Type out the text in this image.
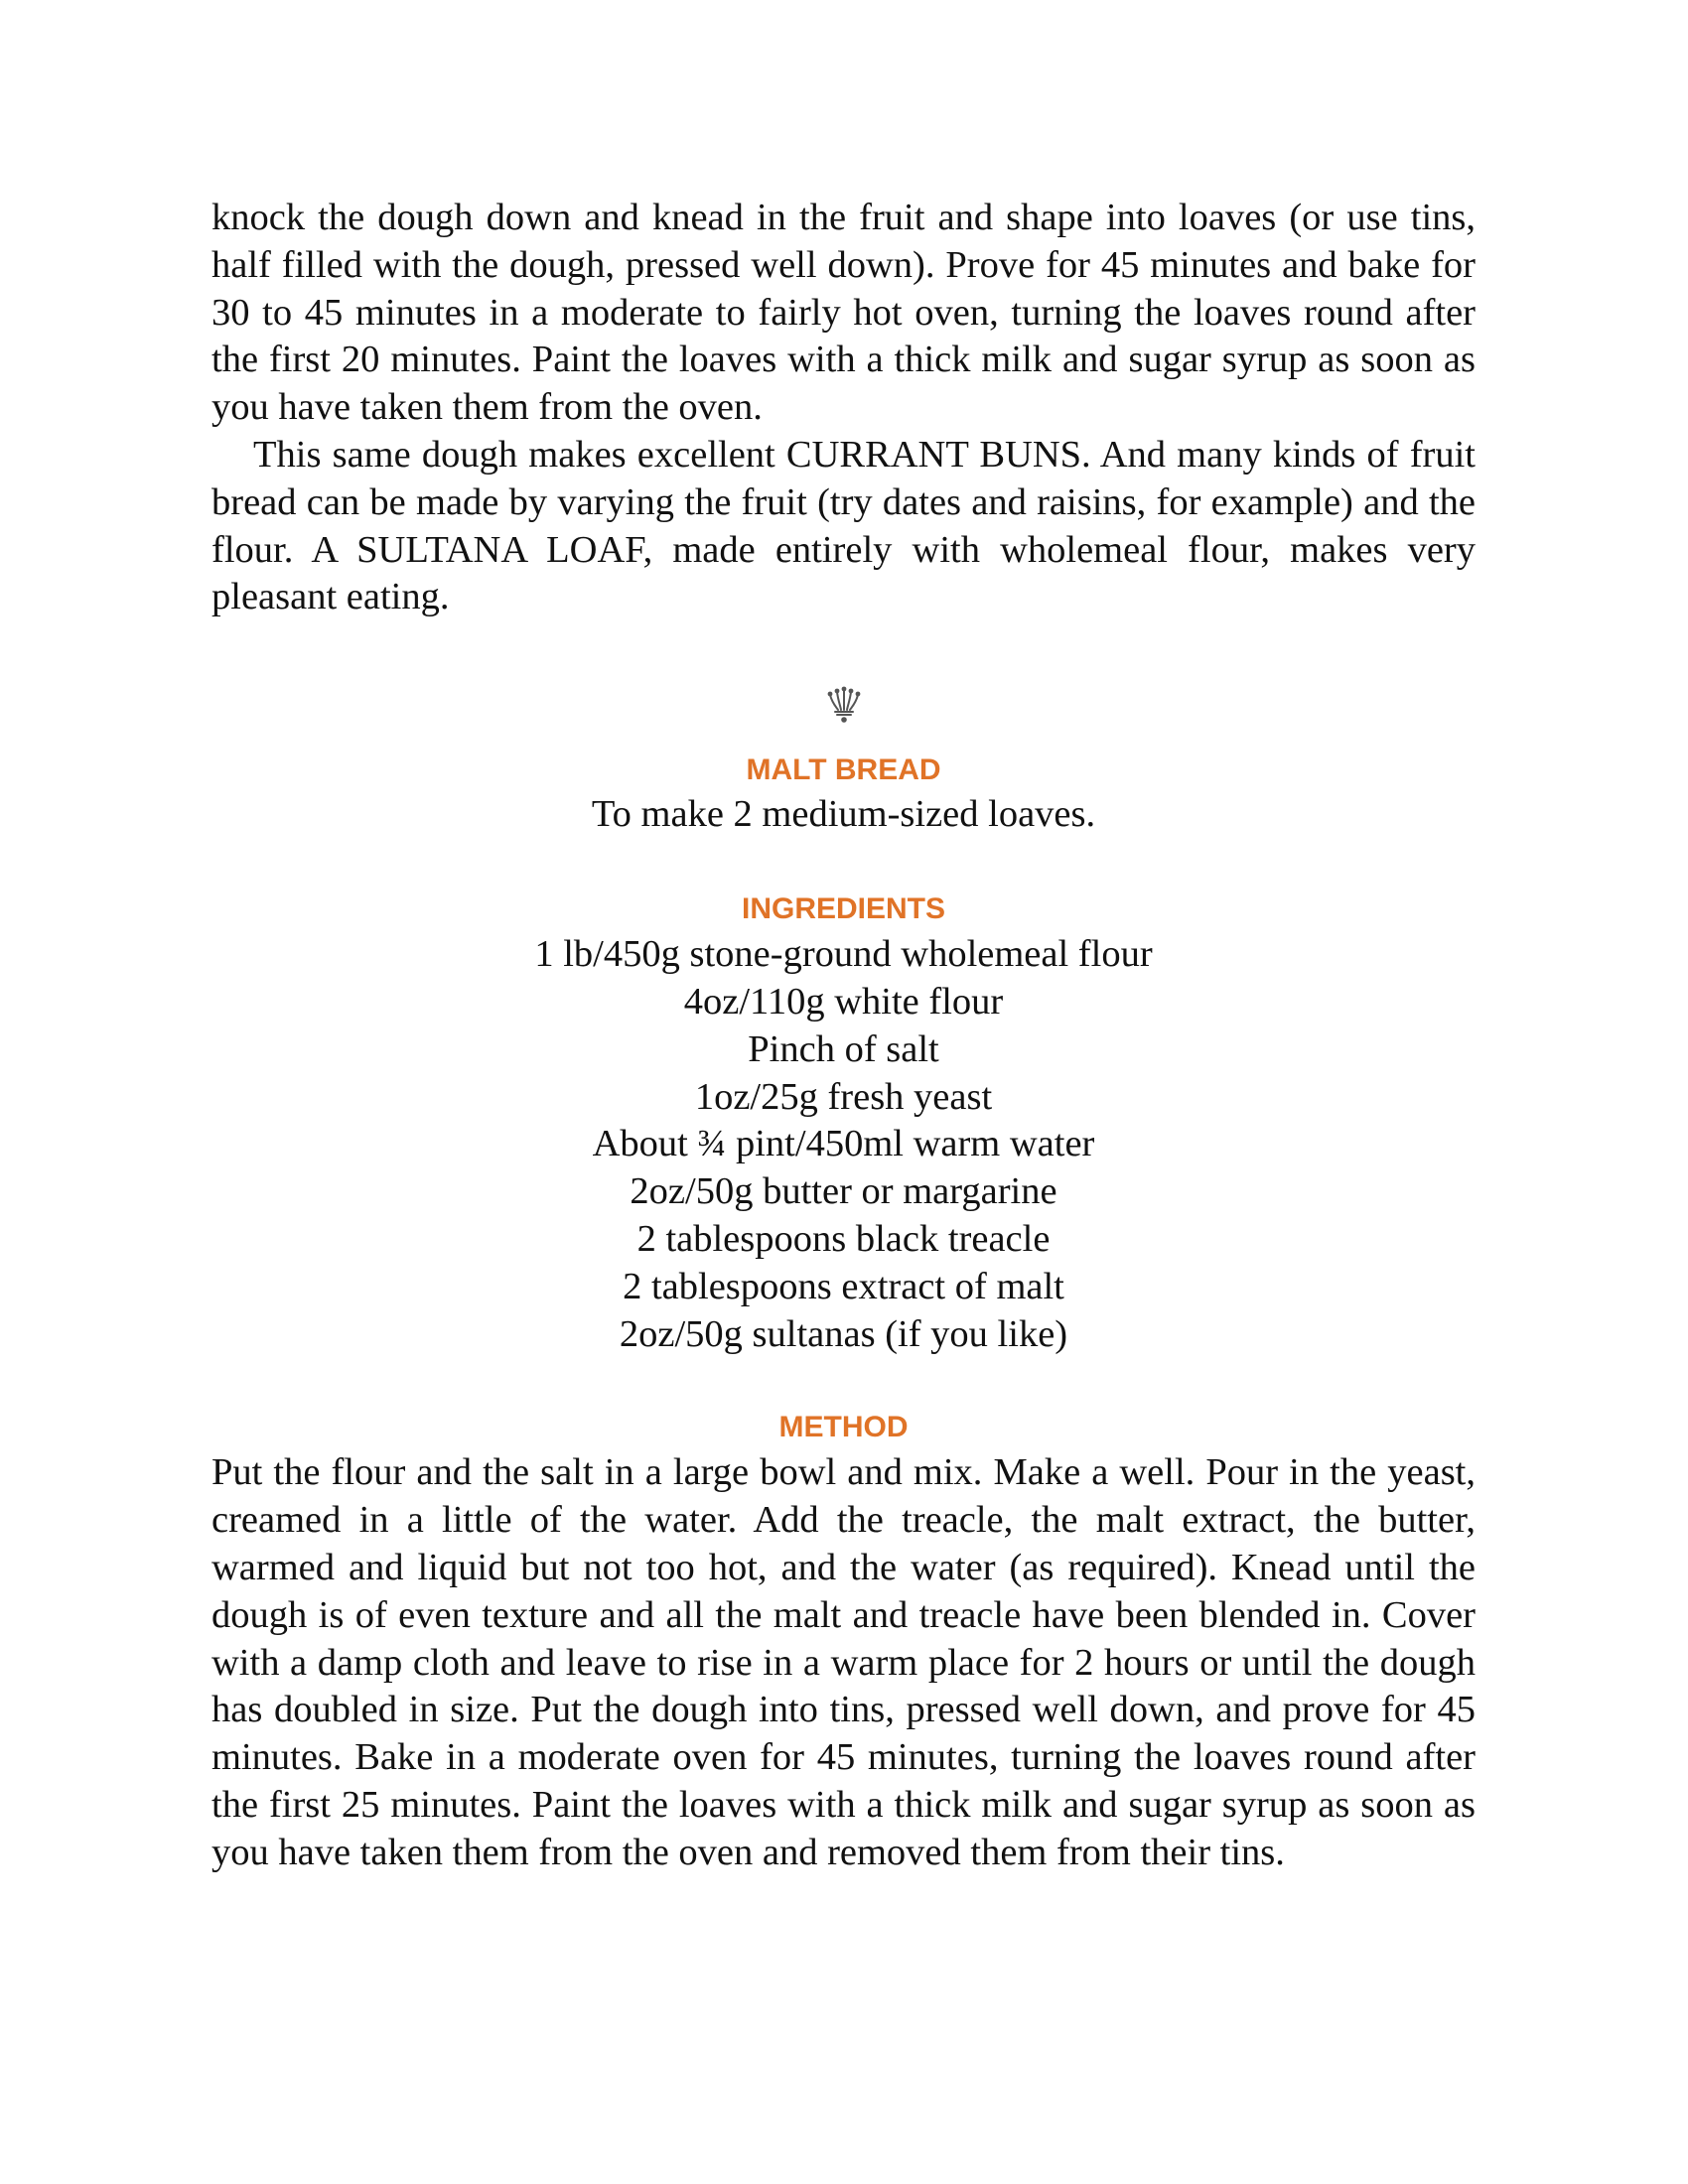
knock the dough down and knead in the fruit and shape into loaves (or use tins, half filled with the dough, pressed well down). Prove for 45 minutes and bake for 30 to 45 minutes in a moderate to fairly hot oven, turning the loaves round after the first 20 minutes. Paint the loaves with a thick milk and sugar syrup as soon as you have taken them from the oven.

This same dough makes excellent CURRANT BUNS. And many kinds of fruit bread can be made by varying the fruit (try dates and raisins, for example) and the flour. A SULTANA LOAF, made entirely with wholemeal flour, makes very pleasant eating.

MALT BREAD

To make 2 medium-sized loaves.

INGREDIENTS
1 lb/450g stone-ground wholemeal flour
4oz/110g white flour
Pinch of salt
1oz/25g fresh yeast
About ¾ pint/450ml warm water
2oz/50g butter or margarine
2 tablespoons black treacle
2 tablespoons extract of malt
2oz/50g sultanas (if you like)
METHOD

Put the flour and the salt in a large bowl and mix. Make a well. Pour in the yeast, creamed in a little of the water. Add the treacle, the malt extract, the butter, warmed and liquid but not too hot, and the water (as required). Knead until the dough is of even texture and all the malt and treacle have been blended in. Cover with a damp cloth and leave to rise in a warm place for 2 hours or until the dough has doubled in size. Put the dough into tins, pressed well down, and prove for 45 minutes. Bake in a moderate oven for 45 minutes, turning the loaves round after the first 25 minutes. Paint the loaves with a thick milk and sugar syrup as soon as you have taken them from the oven and removed them from their tins.
